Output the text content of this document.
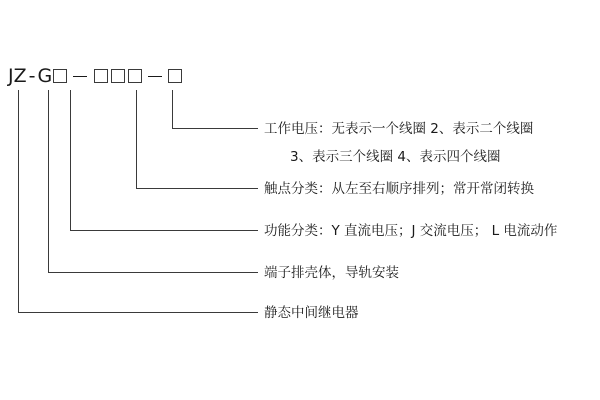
J Z - G
工作电压：无表示一个线圈 2、表示二个线圈
3、表示三个线圈 4、表示四个线圈
触点分类：从左至右顺序排列；常开常闭转换
功能分类：Y 直流电压；J 交流电压； L 电流动作
端子排壳体，导轨安装
静态中间继电器
